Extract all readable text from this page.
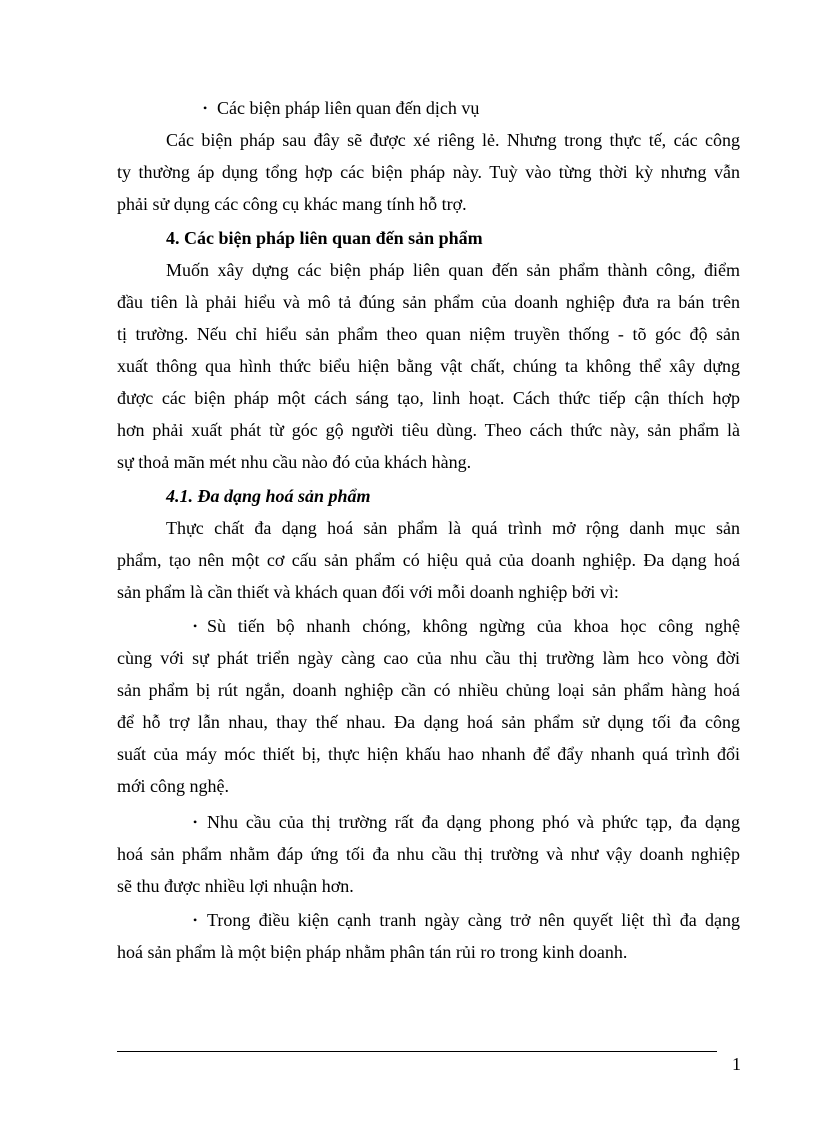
• Các biện pháp liên quan đến dịch vụ
Các biện pháp sau đây sẽ được xé riêng lẻ. Nhưng trong thực tế, các công
ty thường áp dụng tổng hợp các biện pháp này. Tuỳ vào từng thời kỳ nhưng vẫn
phải sử dụng các công cụ khác mang tính hỗ trợ.
4. Các biện pháp liên quan đến sản phẩm
Muốn xây dựng các biện pháp liên quan đến sản phẩm thành công, điểm
đầu tiên là phải hiểu và mô tả đúng sản phẩm của doanh nghiệp đưa ra bán trên
tị trường. Nếu chỉ hiểu sản phẩm theo quan niệm truyền thống - tõ góc độ sản
xuất thông qua hình thức biểu hiện bằng vật chất, chúng ta không thể xây dựng
được các biện pháp một cách sáng tạo, linh hoạt. Cách thức tiếp cận thích hợp
hơn phải xuất phát từ góc gộ người tiêu dùng. Theo cách thức này, sản phẩm là
sự thoả mãn mét nhu cầu nào đó của khách hàng.
4.1. Đa dạng hoá sản phẩm
Thực chất đa dạng hoá sản phẩm là quá trình mở rộng danh mục sản
phẩm, tạo nên một cơ cấu sản phẩm có hiệu quả của doanh nghiệp. Đa dạng hoá
sản phẩm là cần thiết và khách quan đối với mỗi doanh nghiệp bởi vì:
• Sù tiến bộ nhanh chóng, không ngừng của khoa học công nghệ
cùng với sự phát triển ngày càng cao của nhu cầu thị trường làm hco vòng đời
sản phẩm bị rút ngắn, doanh nghiệp cần có nhiều chủng loại sản phẩm hàng hoá
để hỗ trợ lẫn nhau, thay thế nhau. Đa dạng hoá sản phẩm sử dụng tối đa công
suất của máy móc thiết bị, thực hiện khấu hao nhanh để đẩy nhanh quá trình đổi
mới công nghệ.
• Nhu cầu của thị trường rất đa dạng phong phó và phức tạp, đa dạng
hoá sản phẩm nhằm đáp ứng tối đa nhu cầu thị trường và như vậy doanh nghiệp
sẽ thu được nhiều lợi nhuận hơn.
• Trong điều kiện cạnh tranh ngày càng trở nên quyết liệt thì đa dạng
hoá sản phẩm là một biện pháp nhằm phân tán rủi ro trong kinh doanh.
1
